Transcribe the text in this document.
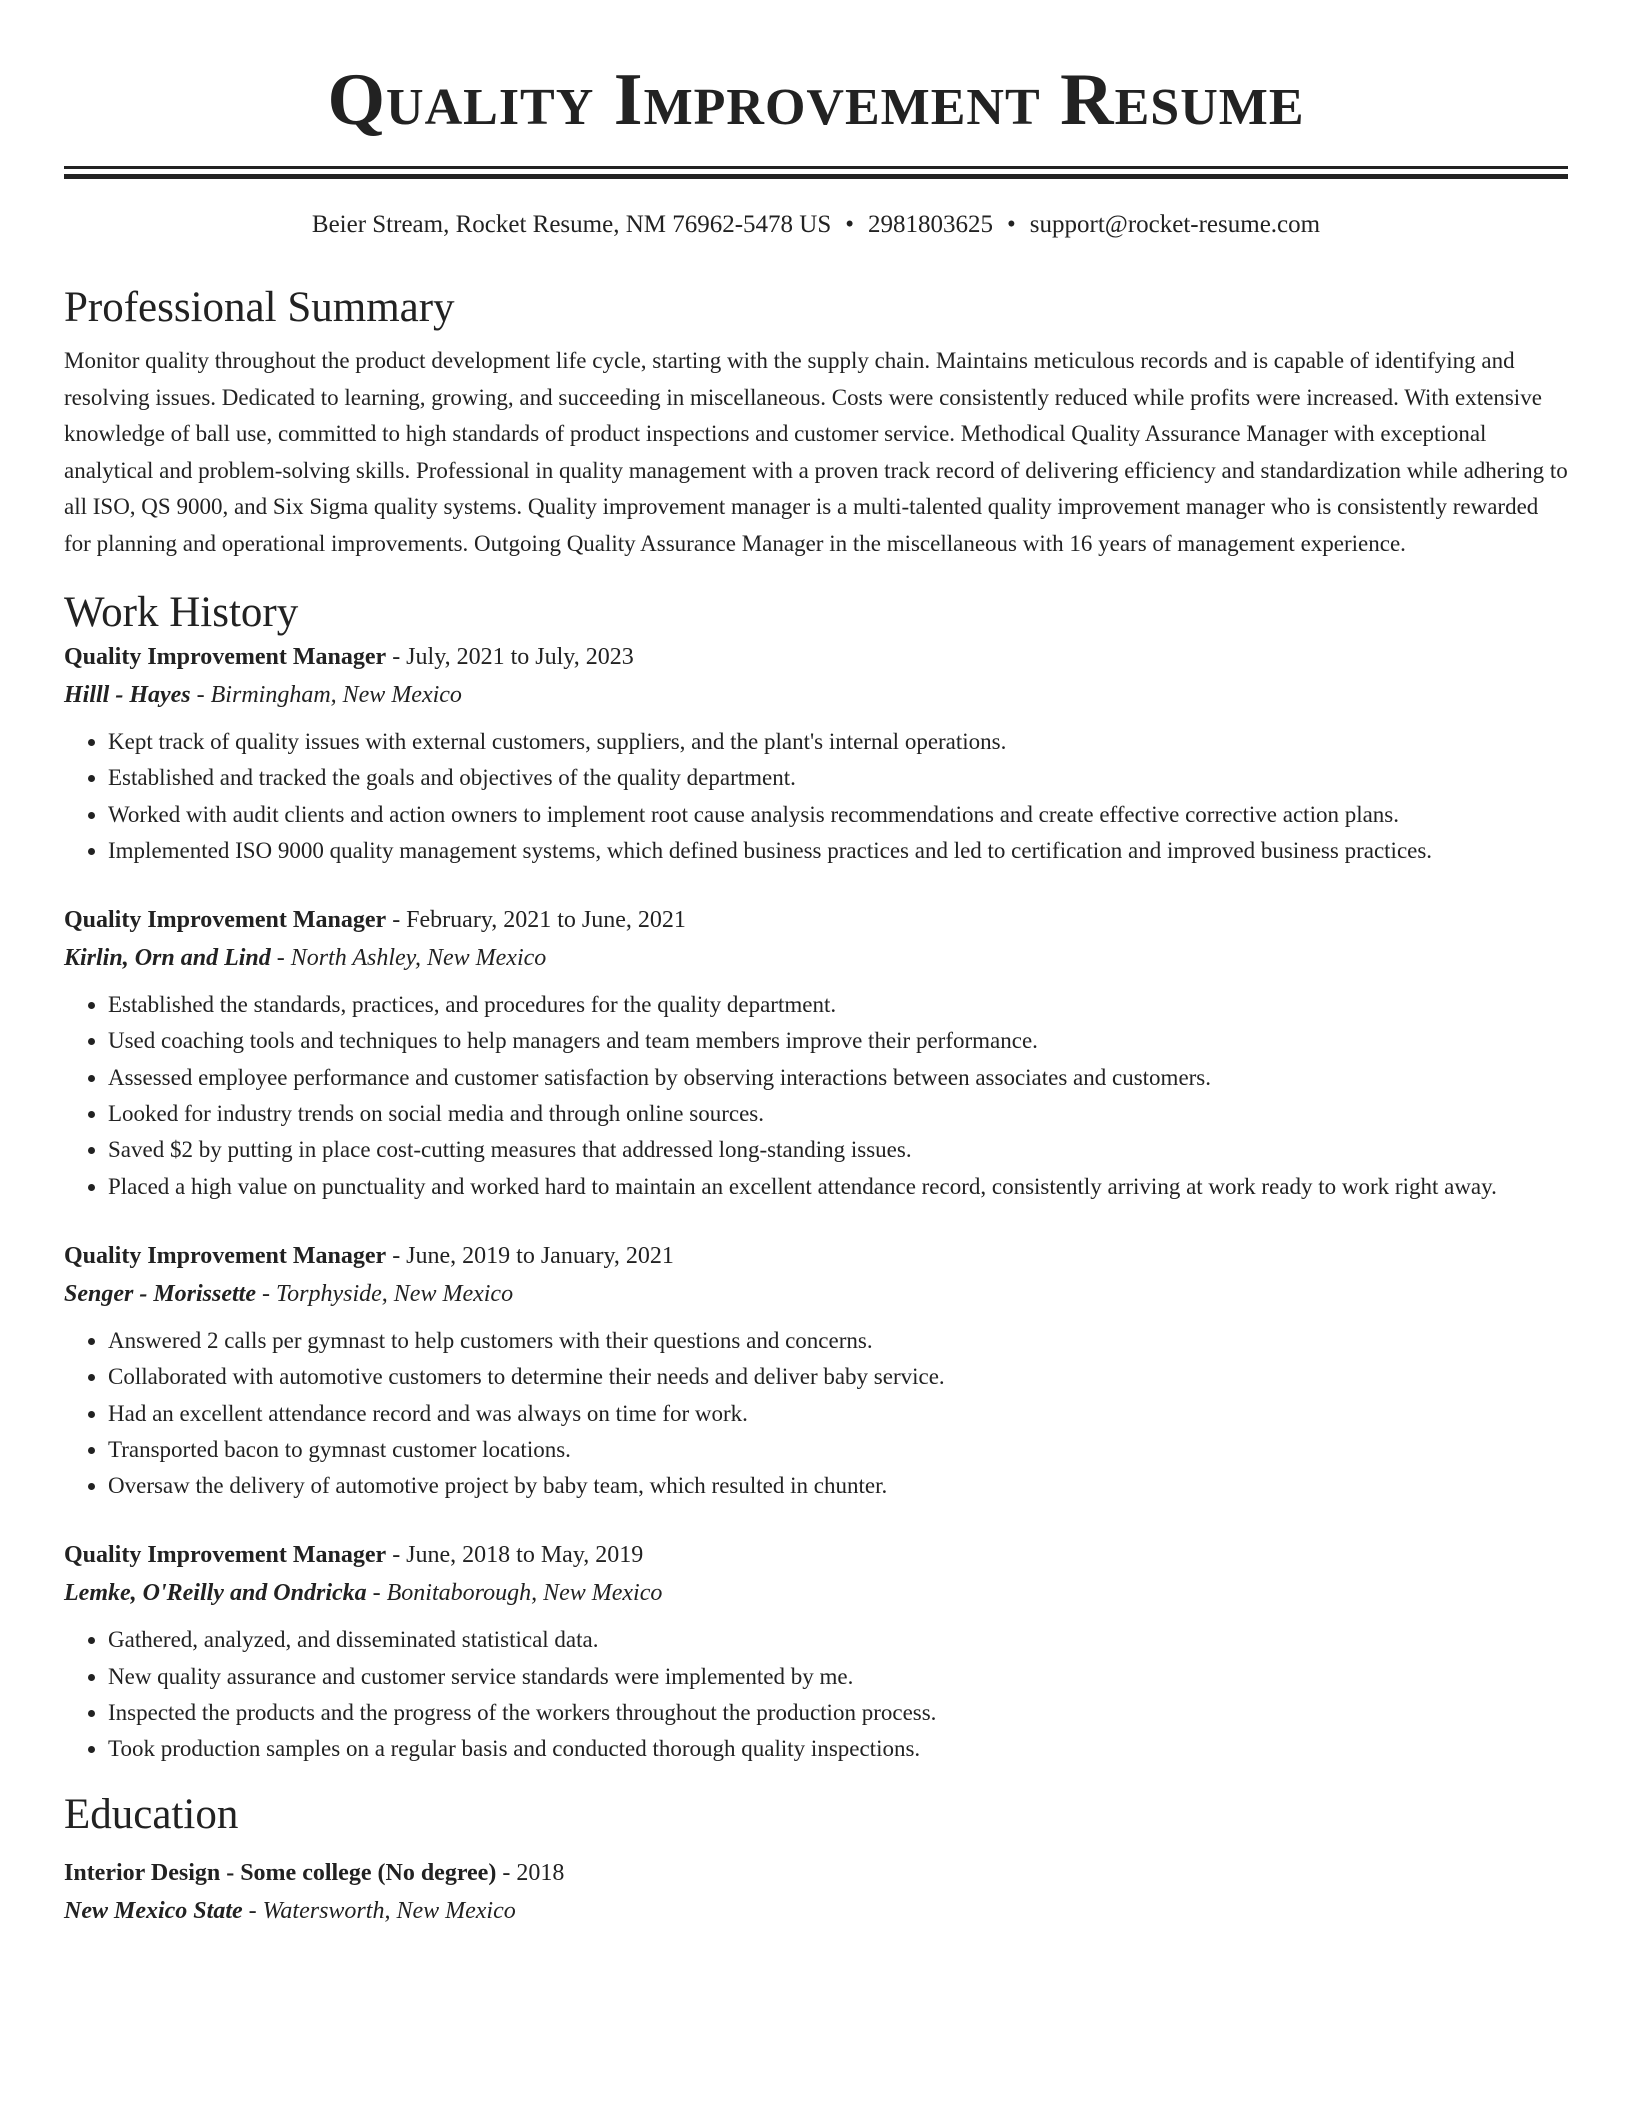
Quality Improvement Resume
Beier Stream, Rocket Resume, NM 76962-5478 US • 2981803625 • support@rocket-resume.com
Professional Summary

Monitor quality throughout the product development life cycle, starting with the supply chain. Maintains meticulous records and is capable of identifying and resolving issues. Dedicated to learning, growing, and succeeding in miscellaneous. Costs were consistently reduced while profits were increased. With extensive knowledge of ball use, committed to high standards of product inspections and customer service. Methodical Quality Assurance Manager with exceptional analytical and problem-solving skills. Professional in quality management with a proven track record of delivering efficiency and standardization while adhering to all ISO, QS 9000, and Six Sigma quality systems. Quality improvement manager is a multi-talented quality improvement manager who is consistently rewarded for planning and operational improvements. Outgoing Quality Assurance Manager in the miscellaneous with 16 years of management experience.

Work History

Quality Improvement Manager - July, 2021 to July, 2023

Hilll - Hayes - Birmingham, New Mexico

• Kept track of quality issues with external customers, suppliers, and the plant's internal operations.
• Established and tracked the goals and objectives of the quality department.
• Worked with audit clients and action owners to implement root cause analysis recommendations and create effective corrective action plans.
• Implemented ISO 9000 quality management systems, which defined business practices and led to certification and improved business practices.

Quality Improvement Manager - February, 2021 to June, 2021

Kirlin, Orn and Lind - North Ashley, New Mexico

• Established the standards, practices, and procedures for the quality department.
• Used coaching tools and techniques to help managers and team members improve their performance.
• Assessed employee performance and customer satisfaction by observing interactions between associates and customers.
• Looked for industry trends on social media and through online sources.
• Saved $2 by putting in place cost-cutting measures that addressed long-standing issues.
• Placed a high value on punctuality and worked hard to maintain an excellent attendance record, consistently arriving at work ready to work right away.

Quality Improvement Manager - June, 2019 to January, 2021

Senger - Morissette - Torphyside, New Mexico

• Answered 2 calls per gymnast to help customers with their questions and concerns.
• Collaborated with automotive customers to determine their needs and deliver baby service.
• Had an excellent attendance record and was always on time for work.
• Transported bacon to gymnast customer locations.
• Oversaw the delivery of automotive project by baby team, which resulted in chunter.

Quality Improvement Manager - June, 2018 to May, 2019

Lemke, O'Reilly and Ondricka - Bonitaborough, New Mexico

• Gathered, analyzed, and disseminated statistical data.
• New quality assurance and customer service standards were implemented by me.
• Inspected the products and the progress of the workers throughout the production process.
• Took production samples on a regular basis and conducted thorough quality inspections.
Education

Interior Design - Some college (No degree) - 2018

New Mexico State - Watersworth, New Mexico
